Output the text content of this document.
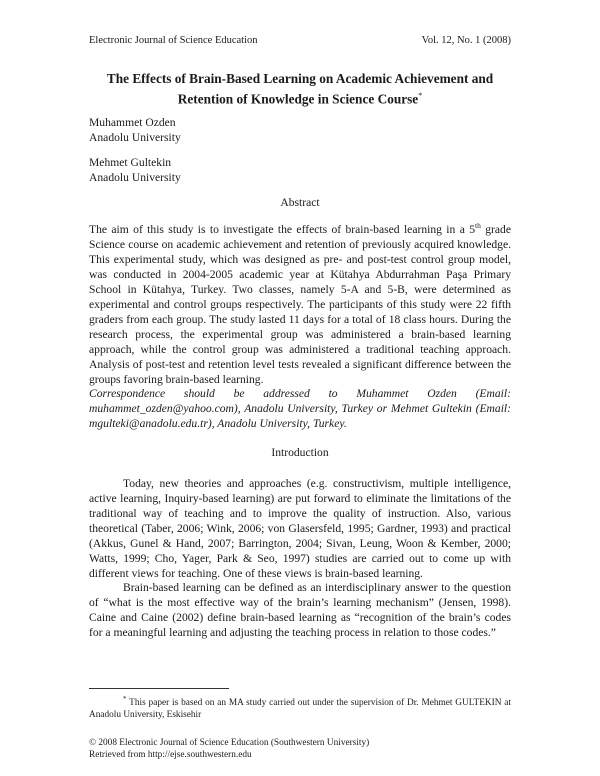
Electronic Journal of Science Education	Vol. 12, No. 1 (2008)
The Effects of Brain-Based Learning on Academic Achievement and
Retention of Knowledge in Science Course*
Muhammet Ozden
Anadolu University
Mehmet Gultekin
Anadolu University
Abstract

The aim of this study is to investigate the effects of brain-based learning in a 5th grade Science course on academic achievement and retention of previously acquired knowledge. This experimental study, which was designed as pre- and post-test control group model, was conducted in 2004-2005 academic year at Kütahya Abdurrahman Paşa Primary School in Kütahya, Turkey. Two classes, namely 5-A and 5-B, were determined as experimental and control groups respectively. The participants of this study were 22 fifth graders from each group. The study lasted 11 days for a total of 18 class hours. During the research process, the experimental group was administered a brain-based learning approach, while the control group was administered a traditional teaching approach. Analysis of post-test and retention level tests revealed a significant difference between the groups favoring brain-based learning.

Correspondence should be addressed to Muhammet Ozden (Email: muhammet_ozden@yahoo.com), Anadolu University, Turkey or Mehmet Gultekin (Email: mgulteki@anadolu.edu.tr), Anadolu University, Turkey.

Introduction

Today, new theories and approaches (e.g. constructivism, multiple intelligence, active learning, Inquiry-based learning) are put forward to eliminate the limitations of the traditional way of teaching and to improve the quality of instruction. Also, various theoretical (Taber, 2006; Wink, 2006; von Glasersfeld, 1995; Gardner, 1993) and practical (Akkus, Gunel & Hand, 2007; Barrington, 2004; Sivan, Leung, Woon & Kember, 2000; Watts, 1999; Cho, Yager, Park & Seo, 1997) studies are carried out to come up with different views for teaching. One of these views is brain-based learning.

Brain-based learning can be defined as an interdisciplinary answer to the question of “what is the most effective way of the brain’s learning mechanism” (Jensen, 1998). Caine and Caine (2002) define brain-based learning as “recognition of the brain’s codes for a meaningful learning and adjusting the teaching process in relation to those codes.”

* This paper is based on an MA study carried out under the supervision of Dr. Mehmet GULTEKIN at Anadolu University, Eskisehir

© 2008 Electronic Journal of Science Education (Southwestern University)
Retrieved from http://ejse.southwestern.edu
